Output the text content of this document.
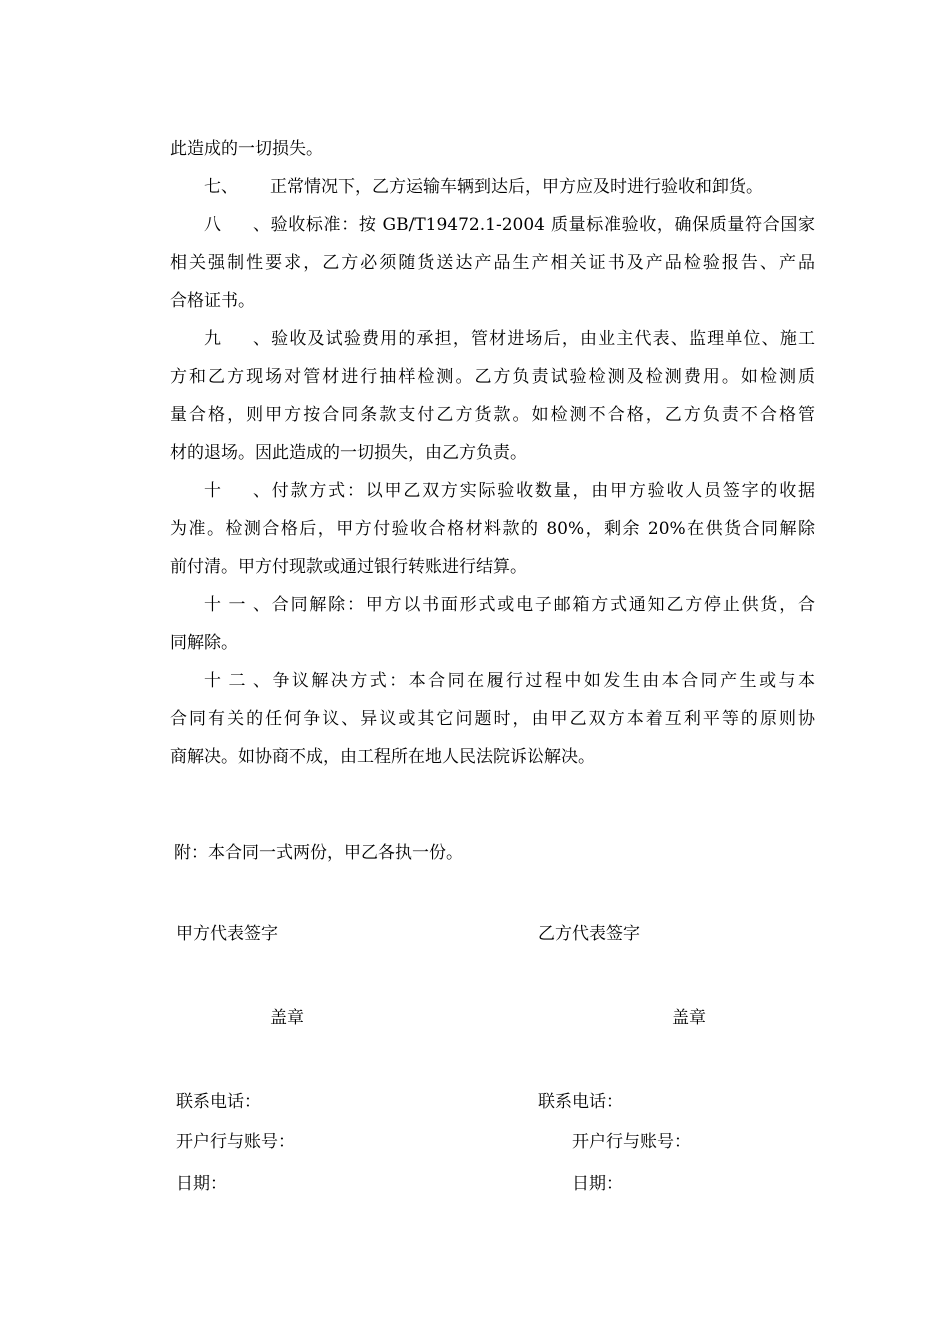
此造成的一切损失。
七、 正常情况下，乙方运输车辆到达后，甲方应及时进行验收和卸货。
八、验收标准：按 GB/T19472.1-2004 质量标准验收，确保质量符合国家
相关强制性要求，乙方必须随货送达产品生产相关证书及产品检验报告、产品
合格证书。
九、验收及试验费用的承担，管材进场后，由业主代表、监理单位、施工
方和乙方现场对管材进行抽样检测。乙方负责试验检测及检测费用。如检测质
量合格，则甲方按合同条款支付乙方货款。如检测不合格，乙方负责不合格管
材的退场。因此造成的一切损失，由乙方负责。
十、付款方式：以甲乙双方实际验收数量，由甲方验收人员签字的收据
为准。检测合格后，甲方付验收合格材料款的 80%，剩余 20%在供货合同解除
前付清。甲方付现款或通过银行转账进行结算。
十一、合同解除：甲方以书面形式或电子邮箱方式通知乙方停止供货，合
同解除。
十二、争议解决方式：本合同在履行过程中如发生由本合同产生或与本
合同有关的任何争议、异议或其它问题时，由甲乙双方本着互利平等的原则协
商解决。如协商不成，由工程所在地人民法院诉讼解决。
附：本合同一式两份，甲乙各执一份。
甲方代表签字
盖章
联系电话：
开户行与账号：
日期：
乙方代表签字
盖章
联系电话：
开户行与账号：
日期：
